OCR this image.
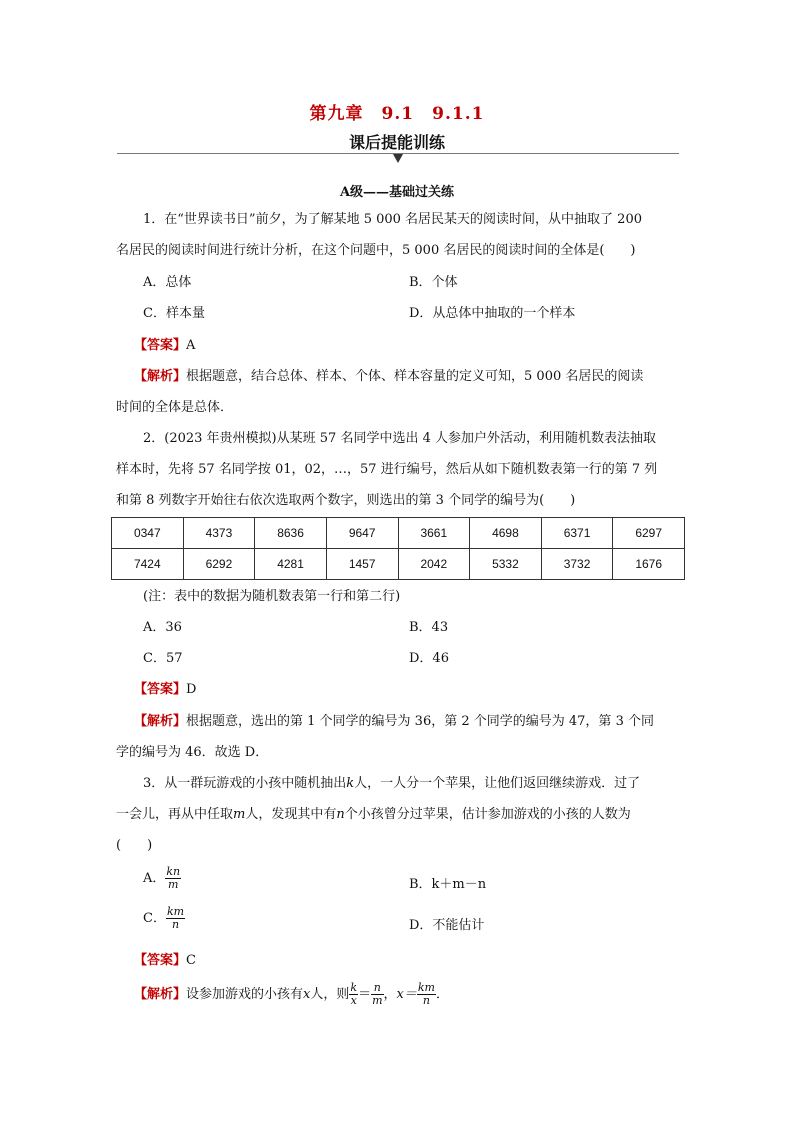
第九章　9.1　9.1.1
课后提能训练
A级——基础过关练
1．在“世界读书日”前夕，为了解某地 5 000 名居民某天的阅读时间，从中抽取了 200
名居民的阅读时间进行统计分析，在这个问题中，5 000 名居民的阅读时间的全体是(　　)
A．总体	B．个体
C．样本量	D．从总体中抽取的一个样本
【答案】A
【解析】根据题意，结合总体、样本、个体、样本容量的定义可知，5 000 名居民的阅读
时间的全体是总体．
2．(2023 年贵州模拟)从某班 57 名同学中选出 4 人参加户外活动，利用随机数表法抽取
样本时，先将 57 名同学按 01，02，…，57 进行编号，然后从如下随机数表第一行的第 7 列
和第 8 列数字开始往右依次选取两个数字，则选出的第 3 个同学的编号为(　　)
0347	4373	8636	9647	3661	4698	6371	6297
7424	6292	4281	1457	2042	5332	3732	1676
(注：表中的数据为随机数表第一行和第二行)
A．36	B．43
C．57	D．46
【答案】D
【解析】根据题意，选出的第 1 个同学的编号为 36，第 2 个同学的编号为 47，第 3 个同
学的编号为 46．故选 D．
3．从一群玩游戏的小孩中随机抽出k人，一人分一个苹果，让他们返回继续游戏．过了
一会儿，再从中任取m人，发现其中有n个小孩曾分过苹果，估计参加游戏的小孩的人数为
(　　)
A． $\frac{kn}{m}$	B．k＋m－n
C． $\frac{km}{n}$	D．不能估计
【答案】C
【解析】设参加游戏的小孩有x人，则 $\frac{k}{x} = \frac{n}{m}$ ，$x= \frac{km}{n}$ ．
